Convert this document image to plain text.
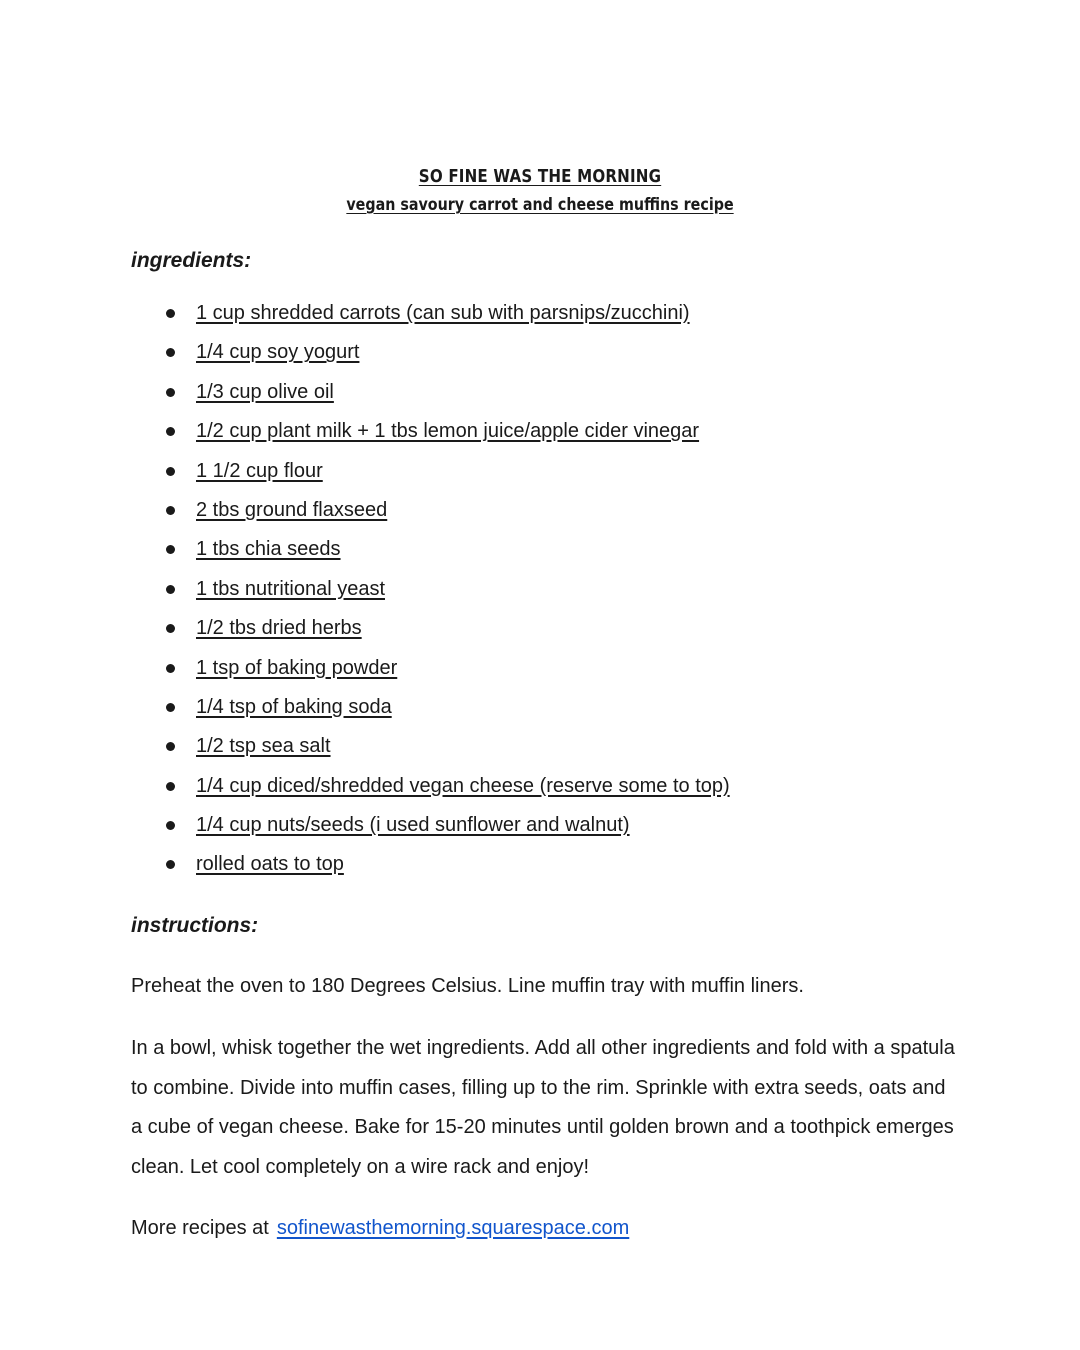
SO FINE WAS THE MORNING
vegan savoury carrot and cheese muffins recipe
ingredients:
1 cup shredded carrots (can sub with parsnips/zucchini)
1/4 cup soy yogurt
1/3 cup olive oil
1/2 cup plant milk + 1 tbs lemon juice/apple cider vinegar
1 1/2 cup flour
2 tbs ground flaxseed
1 tbs chia seeds
1 tbs nutritional yeast
1/2 tbs dried herbs
1 tsp of baking powder
1/4 tsp of baking soda
1/2 tsp sea salt
1/4 cup diced/shredded vegan cheese (reserve some to top)
1/4 cup nuts/seeds (i used sunflower and walnut)
rolled oats to top
instructions:

Preheat the oven to 180 Degrees Celsius. Line muffin tray with muffin liners.

In a bowl, whisk together the wet ingredients. Add all other ingredients and fold with a spatula to combine. Divide into muffin cases, filling up to the rim. Sprinkle with extra seeds, oats and a cube of vegan cheese. Bake for 15-20 minutes until golden brown and a toothpick emerges clean. Let cool completely on a wire rack and enjoy!

More recipes at sofinewasthemorning.squarespace.com
